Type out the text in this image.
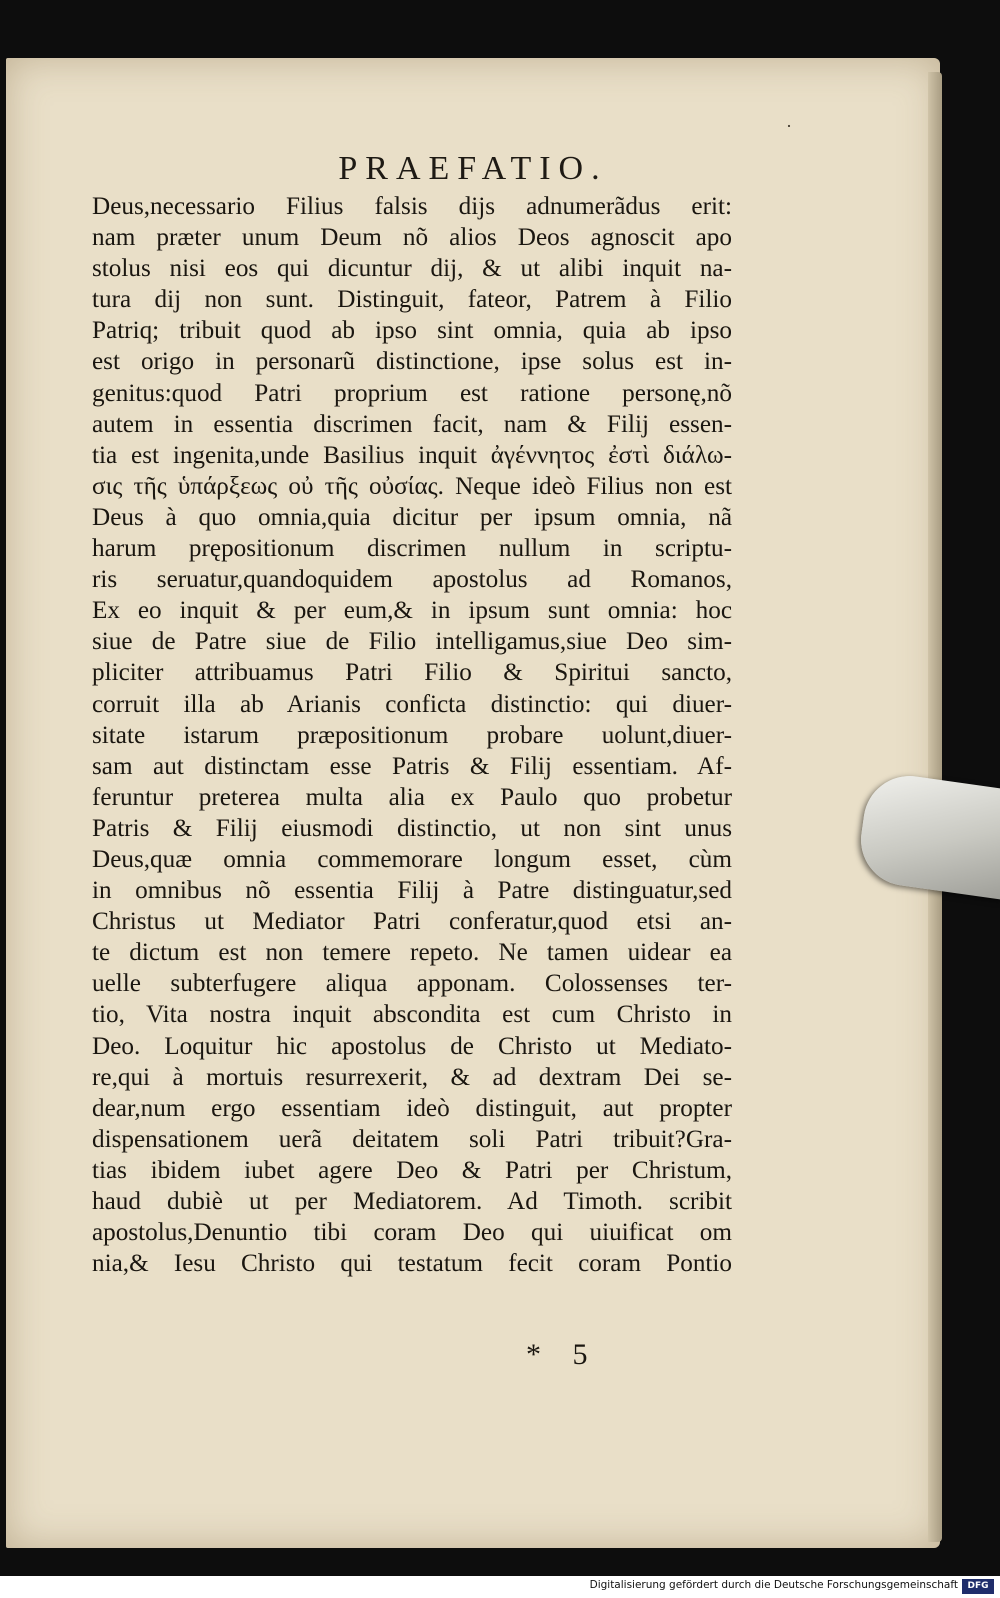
PRAEFATIO.
Deus,necessario Filius falsis dijs adnumerãdus erit:
nam præter unum Deum nõ alios Deos agnoscit apo
stolus nisi eos qui dicuntur dij, & ut alibi inquit na-
tura dij non sunt. Distinguit, fateor, Patrem à Filio
Patriq; tribuit quod ab ipso sint omnia, quia ab ipso
est origo in personarũ distinctione, ipse solus est in-
genitus:quod Patri proprium est ratione personę,nõ
autem in essentia discrimen facit, nam & Filij essen-
tia est ingenita,unde Basilius inquit ἀγέννητος ἐστὶ διάλω-
σις τῆς ὑπάρξεως οὐ τῆς οὐσίας. Neque ideò Filius non est
Deus à quo omnia,quia dicitur per ipsum omnia, nã
harum prępositionum discrimen nullum in scriptu-
ris seruatur,quandoquidem apostolus ad Romanos,
Ex eo inquit & per eum,& in ipsum sunt omnia: hoc
siue de Patre siue de Filio intelligamus,siue Deo sim-
pliciter attribuamus Patri Filio & Spiritui sancto,
corruit illa ab Arianis conficta distinctio: qui diuer-
sitate istarum præpositionum probare uolunt,diuer-
sam aut distinctam esse Patris & Filij essentiam. Af-
feruntur preterea multa alia ex Paulo quo probetur
Patris & Filij eiusmodi distinctio, ut non sint unus
Deus,quæ omnia commemorare longum esset, cùm
in omnibus nõ essentia Filij à Patre distinguatur,sed
Christus ut Mediator Patri conferatur,quod etsi an-
te dictum est non temere repeto. Ne tamen uidear ea
uelle subterfugere aliqua apponam. Colossenses ter-
tio, Vita nostra inquit abscondita est cum Christo in
Deo. Loquitur hic apostolus de Christo ut Mediato-
re,qui à mortuis resurrexerit, & ad dextram Dei se-
dear,num ergo essentiam ideò distinguit, aut propter
dispensationem uerã deitatem soli Patri tribuit?Gra-
tias ibidem iubet agere Deo & Patri per Christum,
haud dubiè ut per Mediatorem. Ad Timoth. scribit
apostolus,Denuntio tibi coram Deo qui uiuificat om
nia,& Iesu Christo qui testatum fecit coram Pontio
* 5
·
Digitalisierung gefördert durch die Deutsche Forschungsgemeinschaft	DFG
